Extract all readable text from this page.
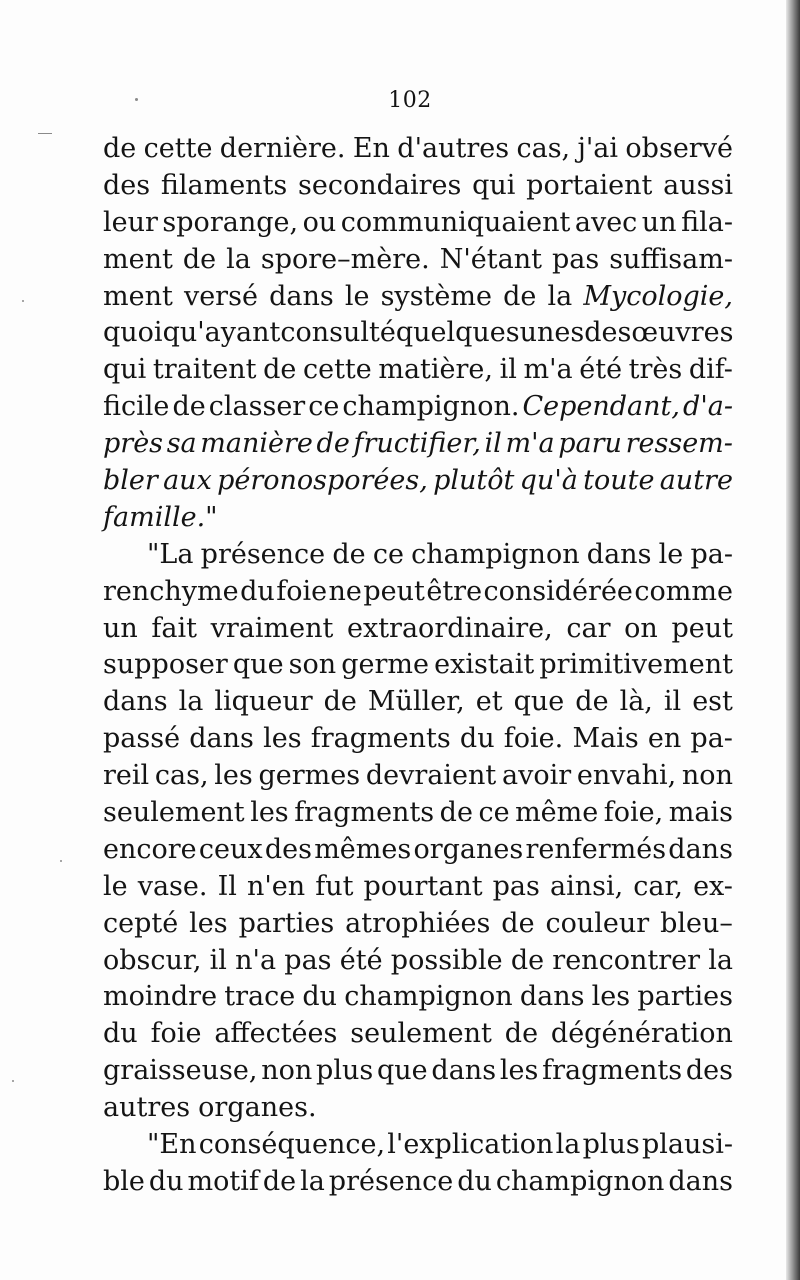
102
de cette dernière. En d'autres cas, j'ai observé
des filaments secondaires qui portaient aussi
leur sporange, ou communiquaient avec un fila-
ment de la spore–mère. N'étant pas suffisam-
ment versé dans le système de la Mycologie,
quoiqu'ayant consulté quelques unes des œuvres
qui traitent de cette matière, il m'a été très dif-
ficile de classer ce champignon. Cependant, d'a-
près sa manière de fructifier, il m'a paru ressem-
bler aux péronosporées, plutôt qu'à toute autre
famille."
"La présence de ce champignon dans le pa-
renchyme du foie ne peut être considérée comme
un fait vraiment extraordinaire, car on peut
supposer que son germe existait primitivement
dans la liqueur de Müller, et que de là, il est
passé dans les fragments du foie. Mais en pa-
reil cas, les germes devraient avoir envahi, non
seulement les fragments de ce même foie, mais
encore ceux des mêmes organes renfermés dans
le vase. Il n'en fut pourtant pas ainsi, car, ex-
cepté les parties atrophiées de couleur bleu–
obscur, il n'a pas été possible de rencontrer la
moindre trace du champignon dans les parties
du foie affectées seulement de dégénération
graisseuse, non plus que dans les fragments des
autres organes.
"En conséquence, l'explication la plus plausi-
ble du motif de la présence du champignon dans
